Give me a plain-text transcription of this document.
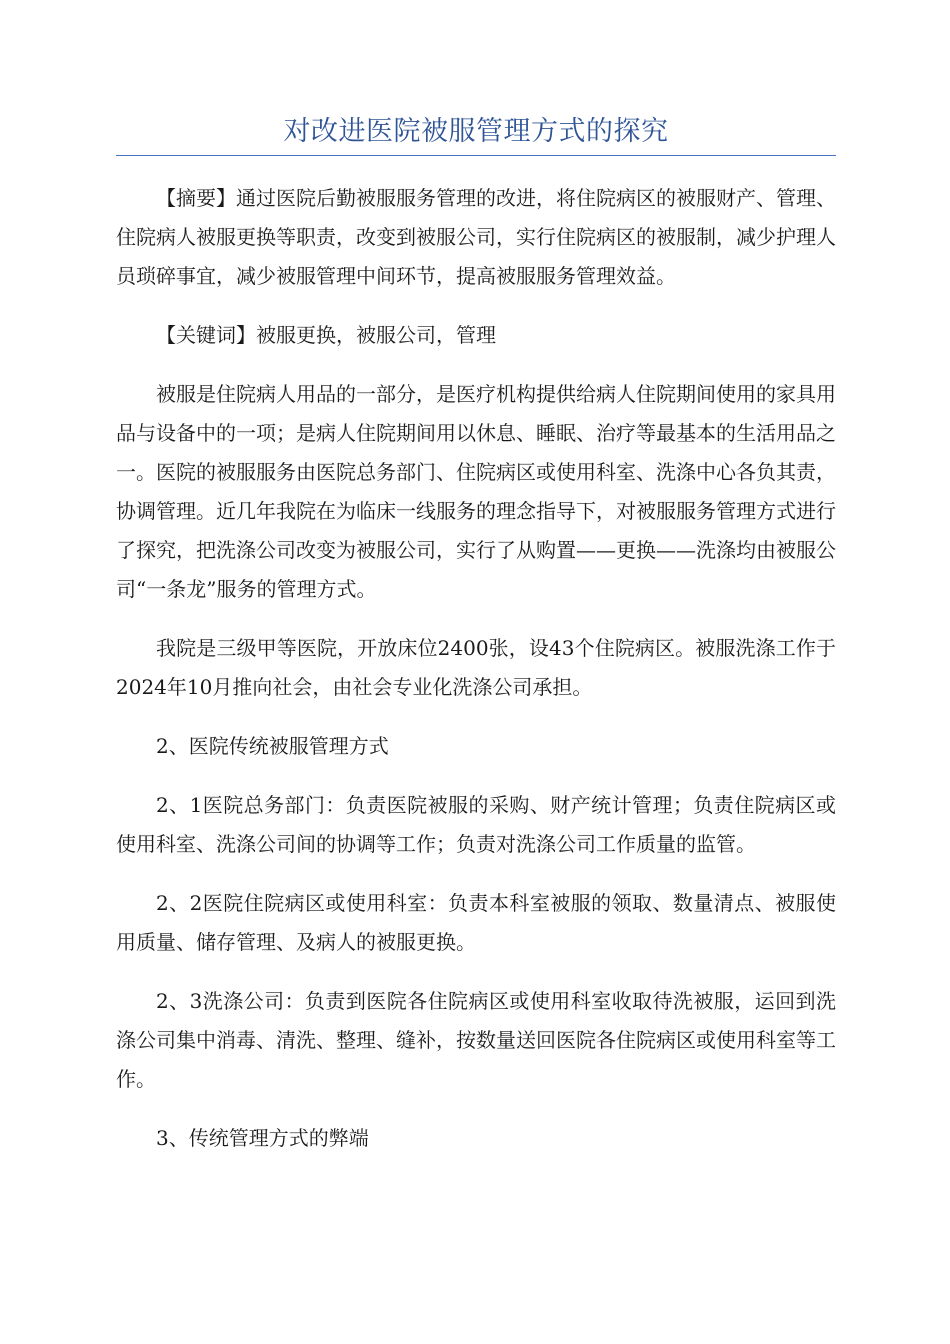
对改进医院被服管理方式的探究

【摘要】通过医院后勤被服服务管理的改进，将住院病区的被服财产、管理、住院病人被服更换等职责，改变到被服公司，实行住院病区的被服制，减少护理人员琐碎事宜，减少被服管理中间环节，提高被服服务管理效益。

【关键词】被服更换，被服公司，管理

被服是住院病人用品的一部分，是医疗机构提供给病人住院期间使用的家具用品与设备中的一项；是病人住院期间用以休息、睡眠、治疗等最基本的生活用品之一。医院的被服服务由医院总务部门、住院病区或使用科室、洗涤中心各负其责，协调管理。近几年我院在为临床一线服务的理念指导下，对被服服务管理方式进行了探究，把洗涤公司改变为被服公司，实行了从购置——更换——洗涤均由被服公司“一条龙”服务的管理方式。

我院是三级甲等医院，开放床位2400张，设43个住院病区。被服洗涤工作于2024年10月推向社会，由社会专业化洗涤公司承担。

2、医院传统被服管理方式

2、1医院总务部门：负责医院被服的采购、财产统计管理；负责住院病区或使用科室、洗涤公司间的协调等工作；负责对洗涤公司工作质量的监管。

2、2医院住院病区或使用科室：负责本科室被服的领取、数量清点、被服使用质量、储存管理、及病人的被服更换。

2、3洗涤公司：负责到医院各住院病区或使用科室收取待洗被服，运回到洗涤公司集中消毒、清洗、整理、缝补，按数量送回医院各住院病区或使用科室等工作。

3、传统管理方式的弊端
